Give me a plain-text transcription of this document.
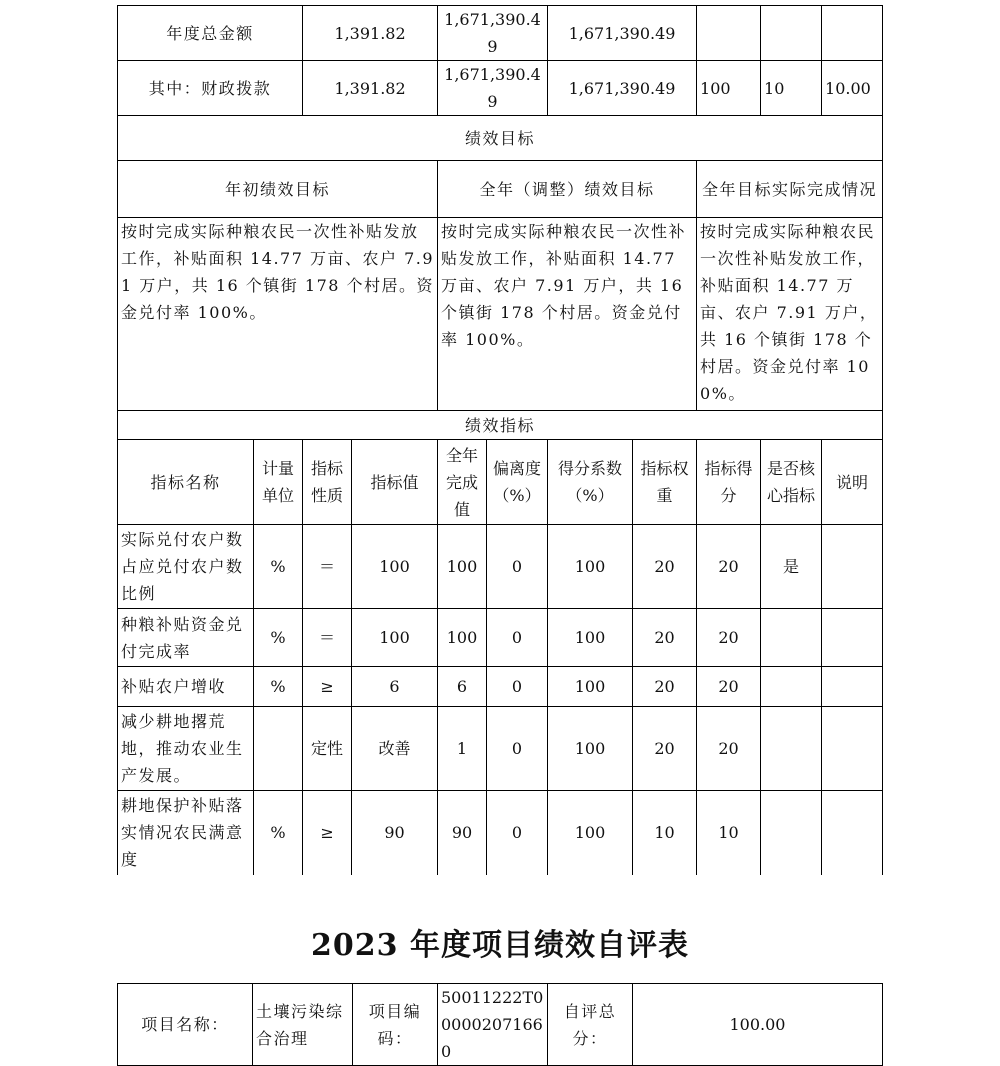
年度总金额		1,391.82		1,671,390.49		1,671,390.49				
其中：财政拨款		1,391.82		1,671,390.49		1,671,390.49		100	10	10.00
绩效目标										
年初绩效目标				全年（调整）绩效目标				全年目标实际完成情况		
按时完成实际种粮农民一次性补贴发放工作，补贴面积 14.77 万亩、农户 7.91 万户，共 16 个镇街 178 个村居。资金兑付率 100%。				按时完成实际种粮农民一次性补贴发放工作，补贴面积 14.77 万亩、农户 7.91 万户，共 16 个镇街 178 个村居。资金兑付率 100%。				按时完成实际种粮农民一次性补贴发放工作，补贴面积 14.77 万亩、农户 7.91 万户，共 16 个镇街 178 个村居。资金兑付率 100%。		
绩效指标										
指标名称	计量单位	指标性质	指标值	全年完成值	偏离度（%）	得分系数（%）	指标权重	指标得分	是否核心指标	说明
实际兑付农户数占应兑付农户数比例	%	＝	100	100	0	100	20	20	是	
种粮补贴资金兑付完成率	%	＝	100	100	0	100	20	20		
补贴农户增收	%	≥	6	6	0	100	20	20		
减少耕地撂荒地，推动农业生产发展。		定性	改善	1	0	100	20	20		
耕地保护补贴落实情况农民满意度	%	≥	90	90	0	100	10	10		
2023 年度项目绩效自评表
项目名称：	土壤污染综合治理	项目编码：	50011222T000002071660	自评总分：	100.00
